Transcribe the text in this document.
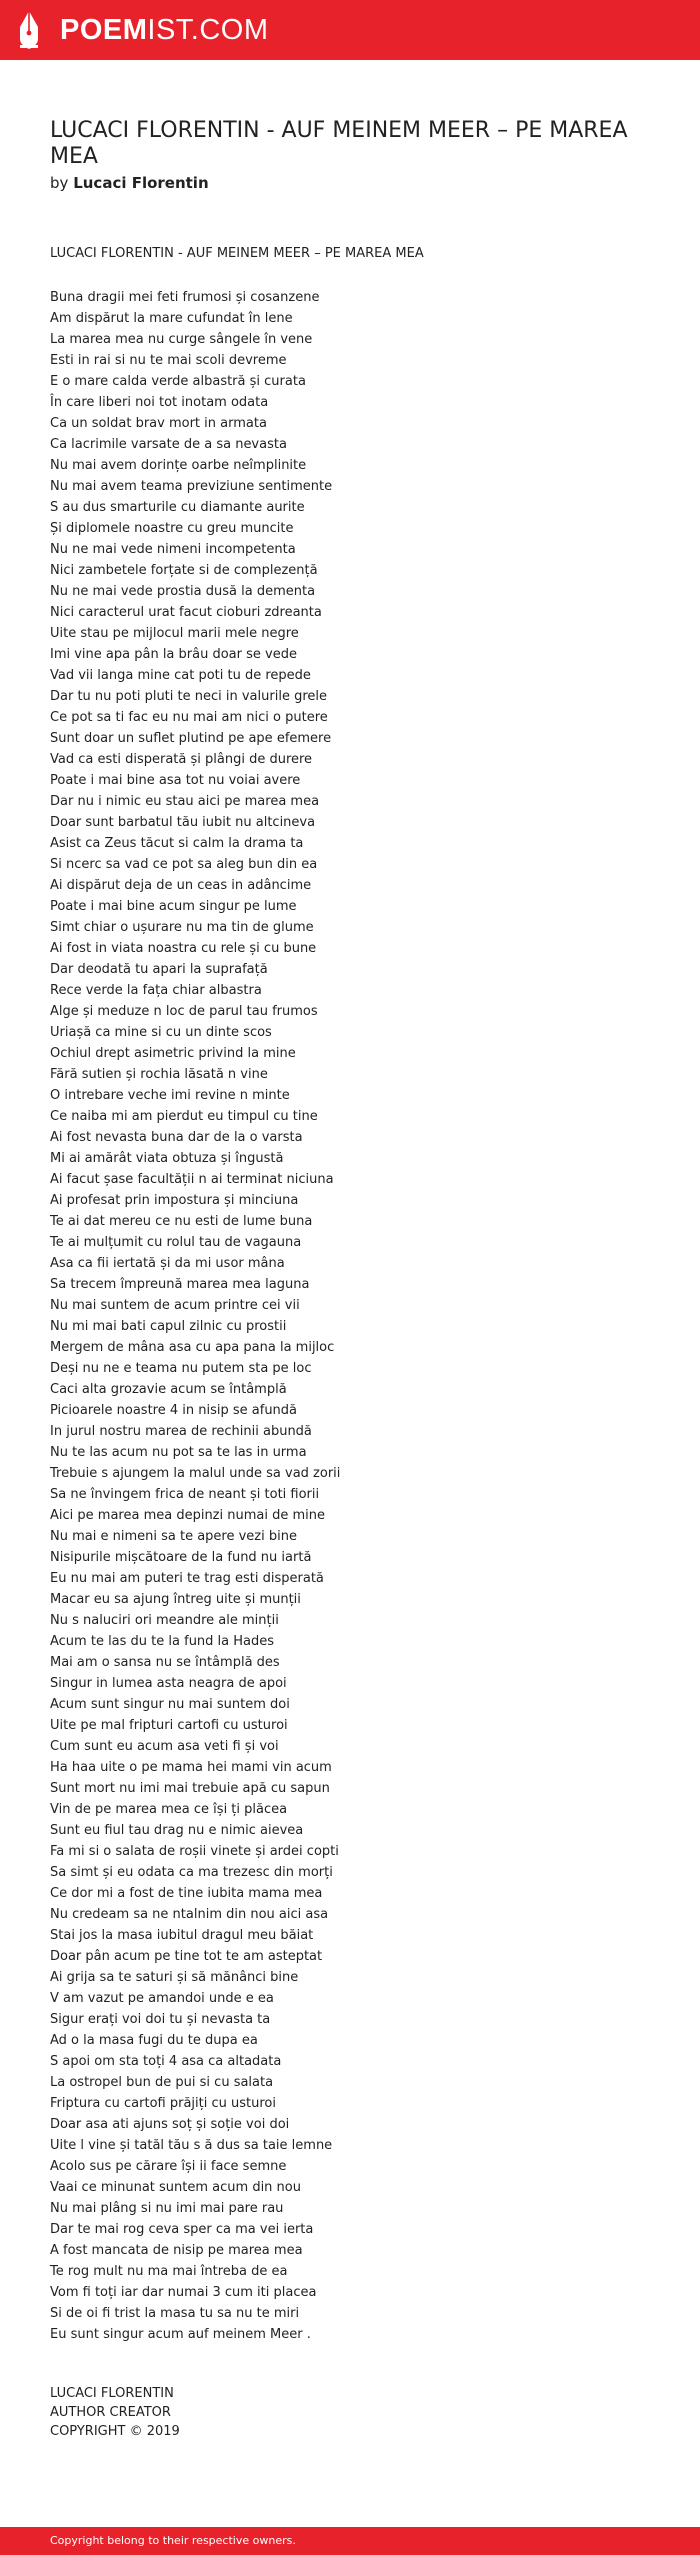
POEMIST.COM
LUCACI FLORENTIN - AUF MEINEM MEER – PE MAREA MEA
by Lucaci Florentin
LUCACI FLORENTIN - AUF MEINEM MEER – PE MAREA MEA
Buna dragii mei feti frumosi și cosanzene
Am dispărut la mare cufundat în lene
La marea mea nu curge sângele în vene
Esti in rai si nu te mai scoli devreme
E o mare calda verde albastră și curata
În care liberi noi tot inotam odata
Ca un soldat brav mort in armata
Ca lacrimile varsate de a sa nevasta
Nu mai avem dorințe oarbe neîmplinite
Nu mai avem teama previziune sentimente
S au dus smarturile cu diamante aurite
Și diplomele noastre cu greu muncite
Nu ne mai vede nimeni incompetenta
Nici zambetele forțate si de complezență
Nu ne mai vede prostia dusă la dementa
Nici caracterul urat facut cioburi zdreanta
Uite stau pe mijlocul marii mele negre
Imi vine apa pân la brâu doar se vede
Vad vii langa mine cat poti tu de repede
Dar tu nu poti pluti te neci in valurile grele
Ce pot sa ti fac eu nu mai am nici o putere
Sunt doar un suflet plutind pe ape efemere
Vad ca esti disperată și plângi de durere
Poate i mai bine asa tot nu voiai avere
Dar nu i nimic eu stau aici pe marea mea
Doar sunt barbatul tău iubit nu altcineva
Asist ca Zeus tăcut si calm la drama ta
Si ncerc sa vad ce pot sa aleg bun din ea
Ai dispărut deja de un ceas in adâncime
Poate i mai bine acum singur pe lume
Simt chiar o ușurare nu ma tin de glume
Ai fost in viata noastra cu rele și cu bune
Dar deodată tu apari la suprafață
Rece verde la fața chiar albastra
Alge și meduze n loc de parul tau frumos
Uriașă ca mine si cu un dinte scos
Ochiul drept asimetric privind la mine
Fără sutien și rochia lăsată n vine
O intrebare veche imi revine n minte
Ce naiba mi am pierdut eu timpul cu tine
Ai fost nevasta buna dar de la o varsta
Mi ai amărât viata obtuza și îngustă
Ai facut șase facultății n ai terminat niciuna
Ai profesat prin impostura și minciuna
Te ai dat mereu ce nu esti de lume buna
Te ai mulțumit cu rolul tau de vagauna
Asa ca fii iertată și da mi usor mâna
Sa trecem împreună marea mea laguna
Nu mai suntem de acum printre cei vii
Nu mi mai bati capul zilnic cu prostii
Mergem de mâna asa cu apa pana la mijloc
Deși nu ne e teama nu putem sta pe loc
Caci alta grozavie acum se întâmplă
Picioarele noastre 4 in nisip se afundă
In jurul nostru marea de rechinii abundă
Nu te las acum nu pot sa te las in urma
Trebuie s ajungem la malul unde sa vad zorii
Sa ne învingem frica de neant și toti fiorii
Aici pe marea mea depinzi numai de mine
Nu mai e nimeni sa te apere vezi bine
Nisipurile mișcătoare de la fund nu iartă
Eu nu mai am puteri te trag esti disperată
Macar eu sa ajung întreg uite și munții
Nu s naluciri ori meandre ale minții
Acum te las du te la fund la Hades
Mai am o sansa nu se întâmplă des
Singur in lumea asta neagra de apoi
Acum sunt singur nu mai suntem doi
Uite pe mal fripturi cartofi cu usturoi
Cum sunt eu acum asa veti fi și voi
Ha haa uite o pe mama hei mami vin acum
Sunt mort nu imi mai trebuie apă cu sapun
Vin de pe marea mea ce își ți plăcea
Sunt eu fiul tau drag nu e nimic aievea
Fa mi si o salata de roșii vinete și ardei copti
Sa simt și eu odata ca ma trezesc din morți
Ce dor mi a fost de tine iubita mama mea
Nu credeam sa ne ntalnim din nou aici asa
Stai jos la masa iubitul dragul meu băiat
Doar pân acum pe tine tot te am asteptat
Ai grija sa te saturi și să mănânci bine
V am vazut pe amandoi unde e ea
Sigur erați voi doi tu și nevasta ta
Ad o la masa fugi du te dupa ea
S apoi om sta toți 4 asa ca altadata
La ostropel bun de pui si cu salata
Friptura cu cartofi prăjiți cu usturoi
Doar asa ati ajuns soț și soție voi doi
Uite l vine și tatăl tău s ă dus sa taie lemne
Acolo sus pe cărare își ii face semne
Vaai ce minunat suntem acum din nou
Nu mai plâng si nu imi mai pare rau
Dar te mai rog ceva sper ca ma vei ierta
A fost mancata de nisip pe marea mea
Te rog mult nu ma mai întreba de ea
Vom fi toți iar dar numai 3 cum iti placea
Si de oi fi trist la masa tu sa nu te miri
Eu sunt singur acum auf meinem Meer .
LUCACI FLORENTIN
AUTHOR CREATOR
COPYRIGHT © 2019
Copyright belong to their respective owners.
